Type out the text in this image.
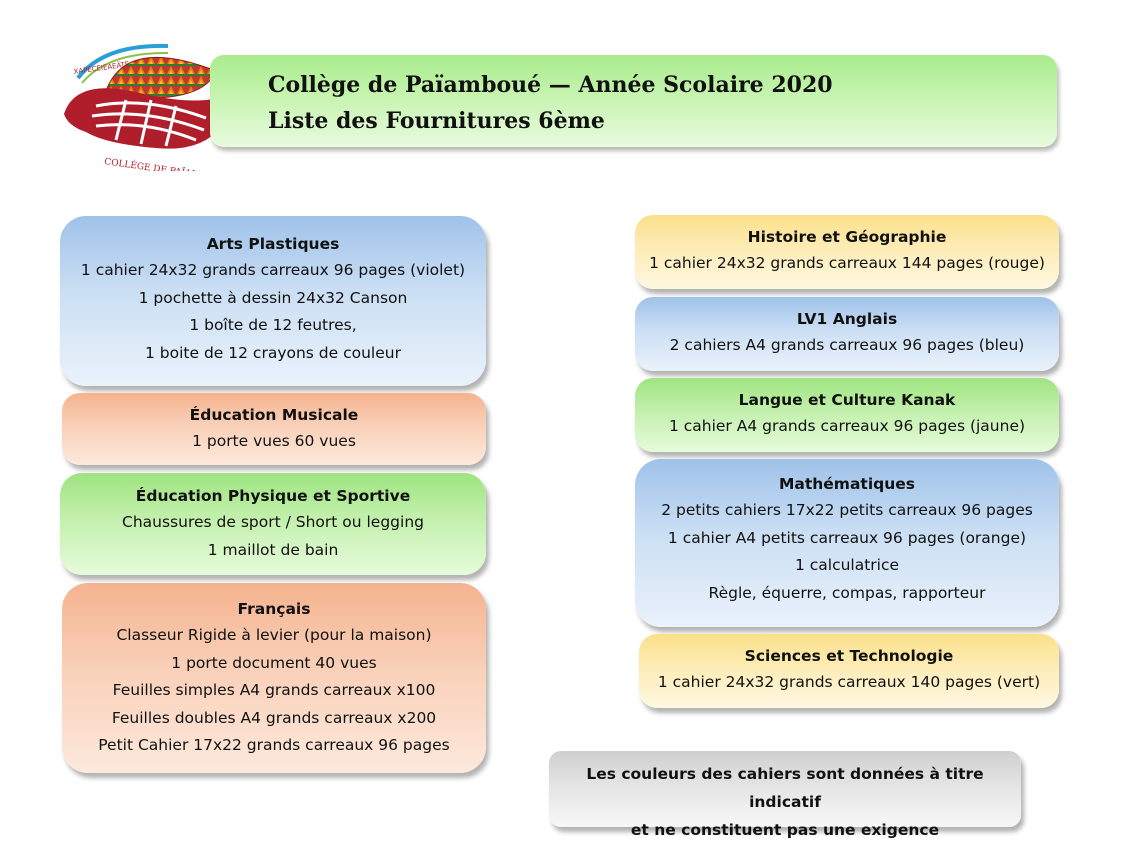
XAPECEIEAEÄTE
COLLÈGE DE PAÏAMBOUÉ
Collège de Païamboué — Année Scolaire 2020
Liste des Fournitures 6ème
Arts Plastiques
1 cahier 24x32 grands carreaux 96 pages (violet)
1 pochette à dessin 24x32 Canson
1 boîte de 12 feutres,
1 boite de 12 crayons de couleur
Éducation Musicale
1 porte vues 60 vues
Éducation Physique et Sportive
Chaussures de sport / Short ou legging
1 maillot de bain
Français
Classeur Rigide à levier (pour la maison)
1 porte document 40 vues
Feuilles simples A4 grands carreaux x100
Feuilles doubles A4 grands carreaux x200
Petit Cahier 17x22 grands carreaux 96 pages
Histoire et Géographie
1 cahier 24x32 grands carreaux 144 pages (rouge)
LV1 Anglais
2 cahiers A4 grands carreaux 96 pages (bleu)
Langue et Culture Kanak
1 cahier A4 grands carreaux 96 pages (jaune)
Mathématiques
2 petits cahiers 17x22 petits carreaux 96 pages
1 cahier A4 petits carreaux 96 pages (orange)
1 calculatrice
Règle, équerre, compas, rapporteur
Sciences et Technologie
1 cahier 24x32 grands carreaux 140 pages (vert)
Les couleurs des cahiers sont données à titre indicatif
et ne constituent pas une exigence
